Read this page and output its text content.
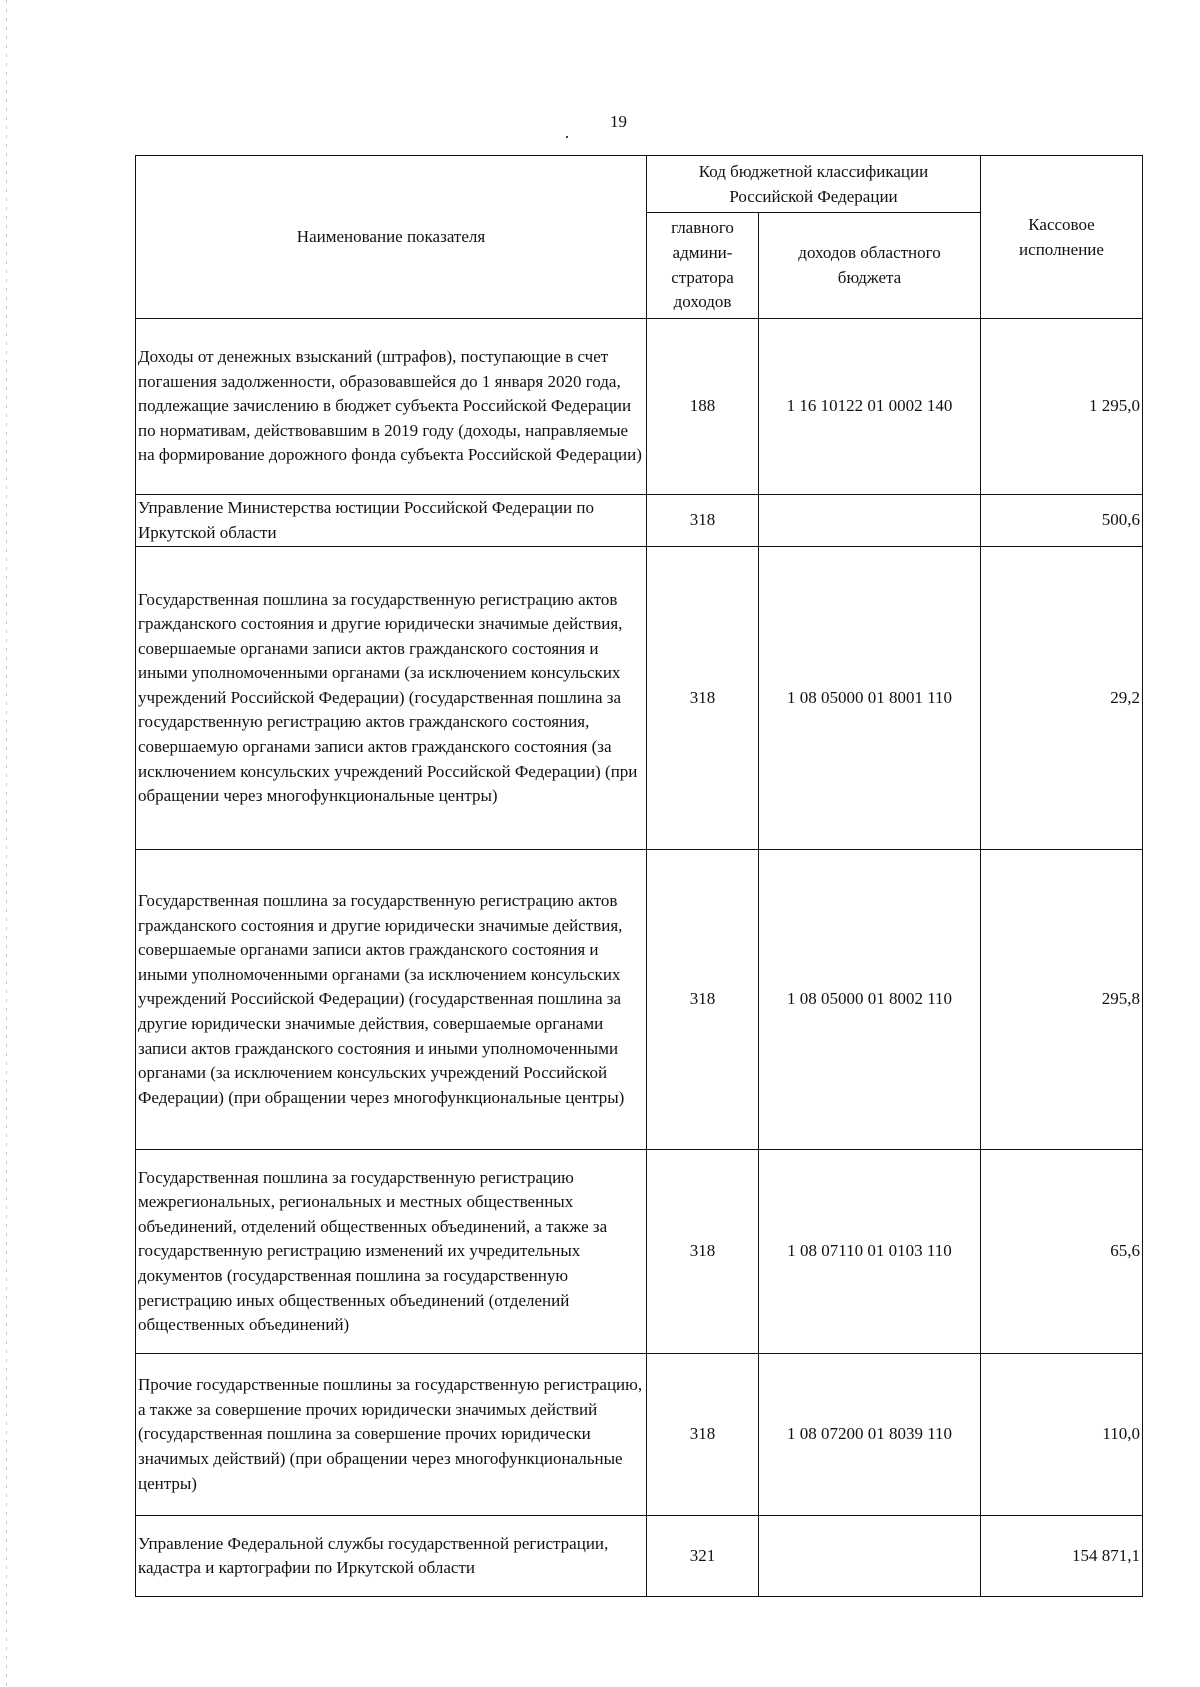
19
Наименование показателя	Код бюджетной классификации Российской Федерации		Кассовое исполнение

	главного админи- стратора доходов	доходов областного бюджета	

Доходы от денежных взысканий (штрафов), поступающие в счет погашения задолженности, образовавшейся до 1 января 2020 года, подлежащие зачислению в бюджет субъекта Российской Федерации по нормативам, действовавшим в 2019 году (доходы, направляемые на формирование дорожного фонда субъекта Российской Федерации)	188	1 16 10122 01 0002 140	1 295,0
Управление Министерства юстиции Российской Федерации по Иркутской области	318		500,6
Государственная пошлина за государственную регистрацию актов гражданского состояния и другие юридически значимые действия, совершаемые органами записи актов гражданского состояния и иными уполномоченными органами (за исключением консульских учреждений Российской Федерации) (государственная пошлина за государственную регистрацию актов гражданского состояния, совершаемую органами записи актов гражданского состояния (за исключением консульских учреждений Российской Федерации) (при обращении через многофункциональные центры)	318	1 08 05000 01 8001 110	29,2
Государственная пошлина за государственную регистрацию актов гражданского состояния и другие юридически значимые действия, совершаемые органами записи актов гражданского состояния и иными уполномоченными органами (за исключением консульских учреждений Российской Федерации) (государственная пошлина за другие юридически значимые действия, совершаемые органами записи актов гражданского состояния и иными уполномоченными органами (за исключением консульских учреждений Российской Федерации) (при обращении через многофункциональные центры)	318	1 08 05000 01 8002 110	295,8
Государственная пошлина за государственную регистрацию межрегиональных, региональных и местных общественных объединений, отделений общественных объединений, а также за государственную регистрацию изменений их учредительных документов (государственная пошлина за государственную регистрацию иных общественных объединений (отделений общественных объединений)	318	1 08 07110 01 0103 110	65,6
Прочие государственные пошлины за государственную регистрацию, а также за совершение прочих юридически значимых действий (государственная пошлина за совершение прочих юридически значимых действий) (при обращении через многофункциональные центры)	318	1 08 07200 01 8039 110	110,0
Управление Федеральной службы государственной регистрации, кадастра и картографии по Иркутской области	321		154 871,1
